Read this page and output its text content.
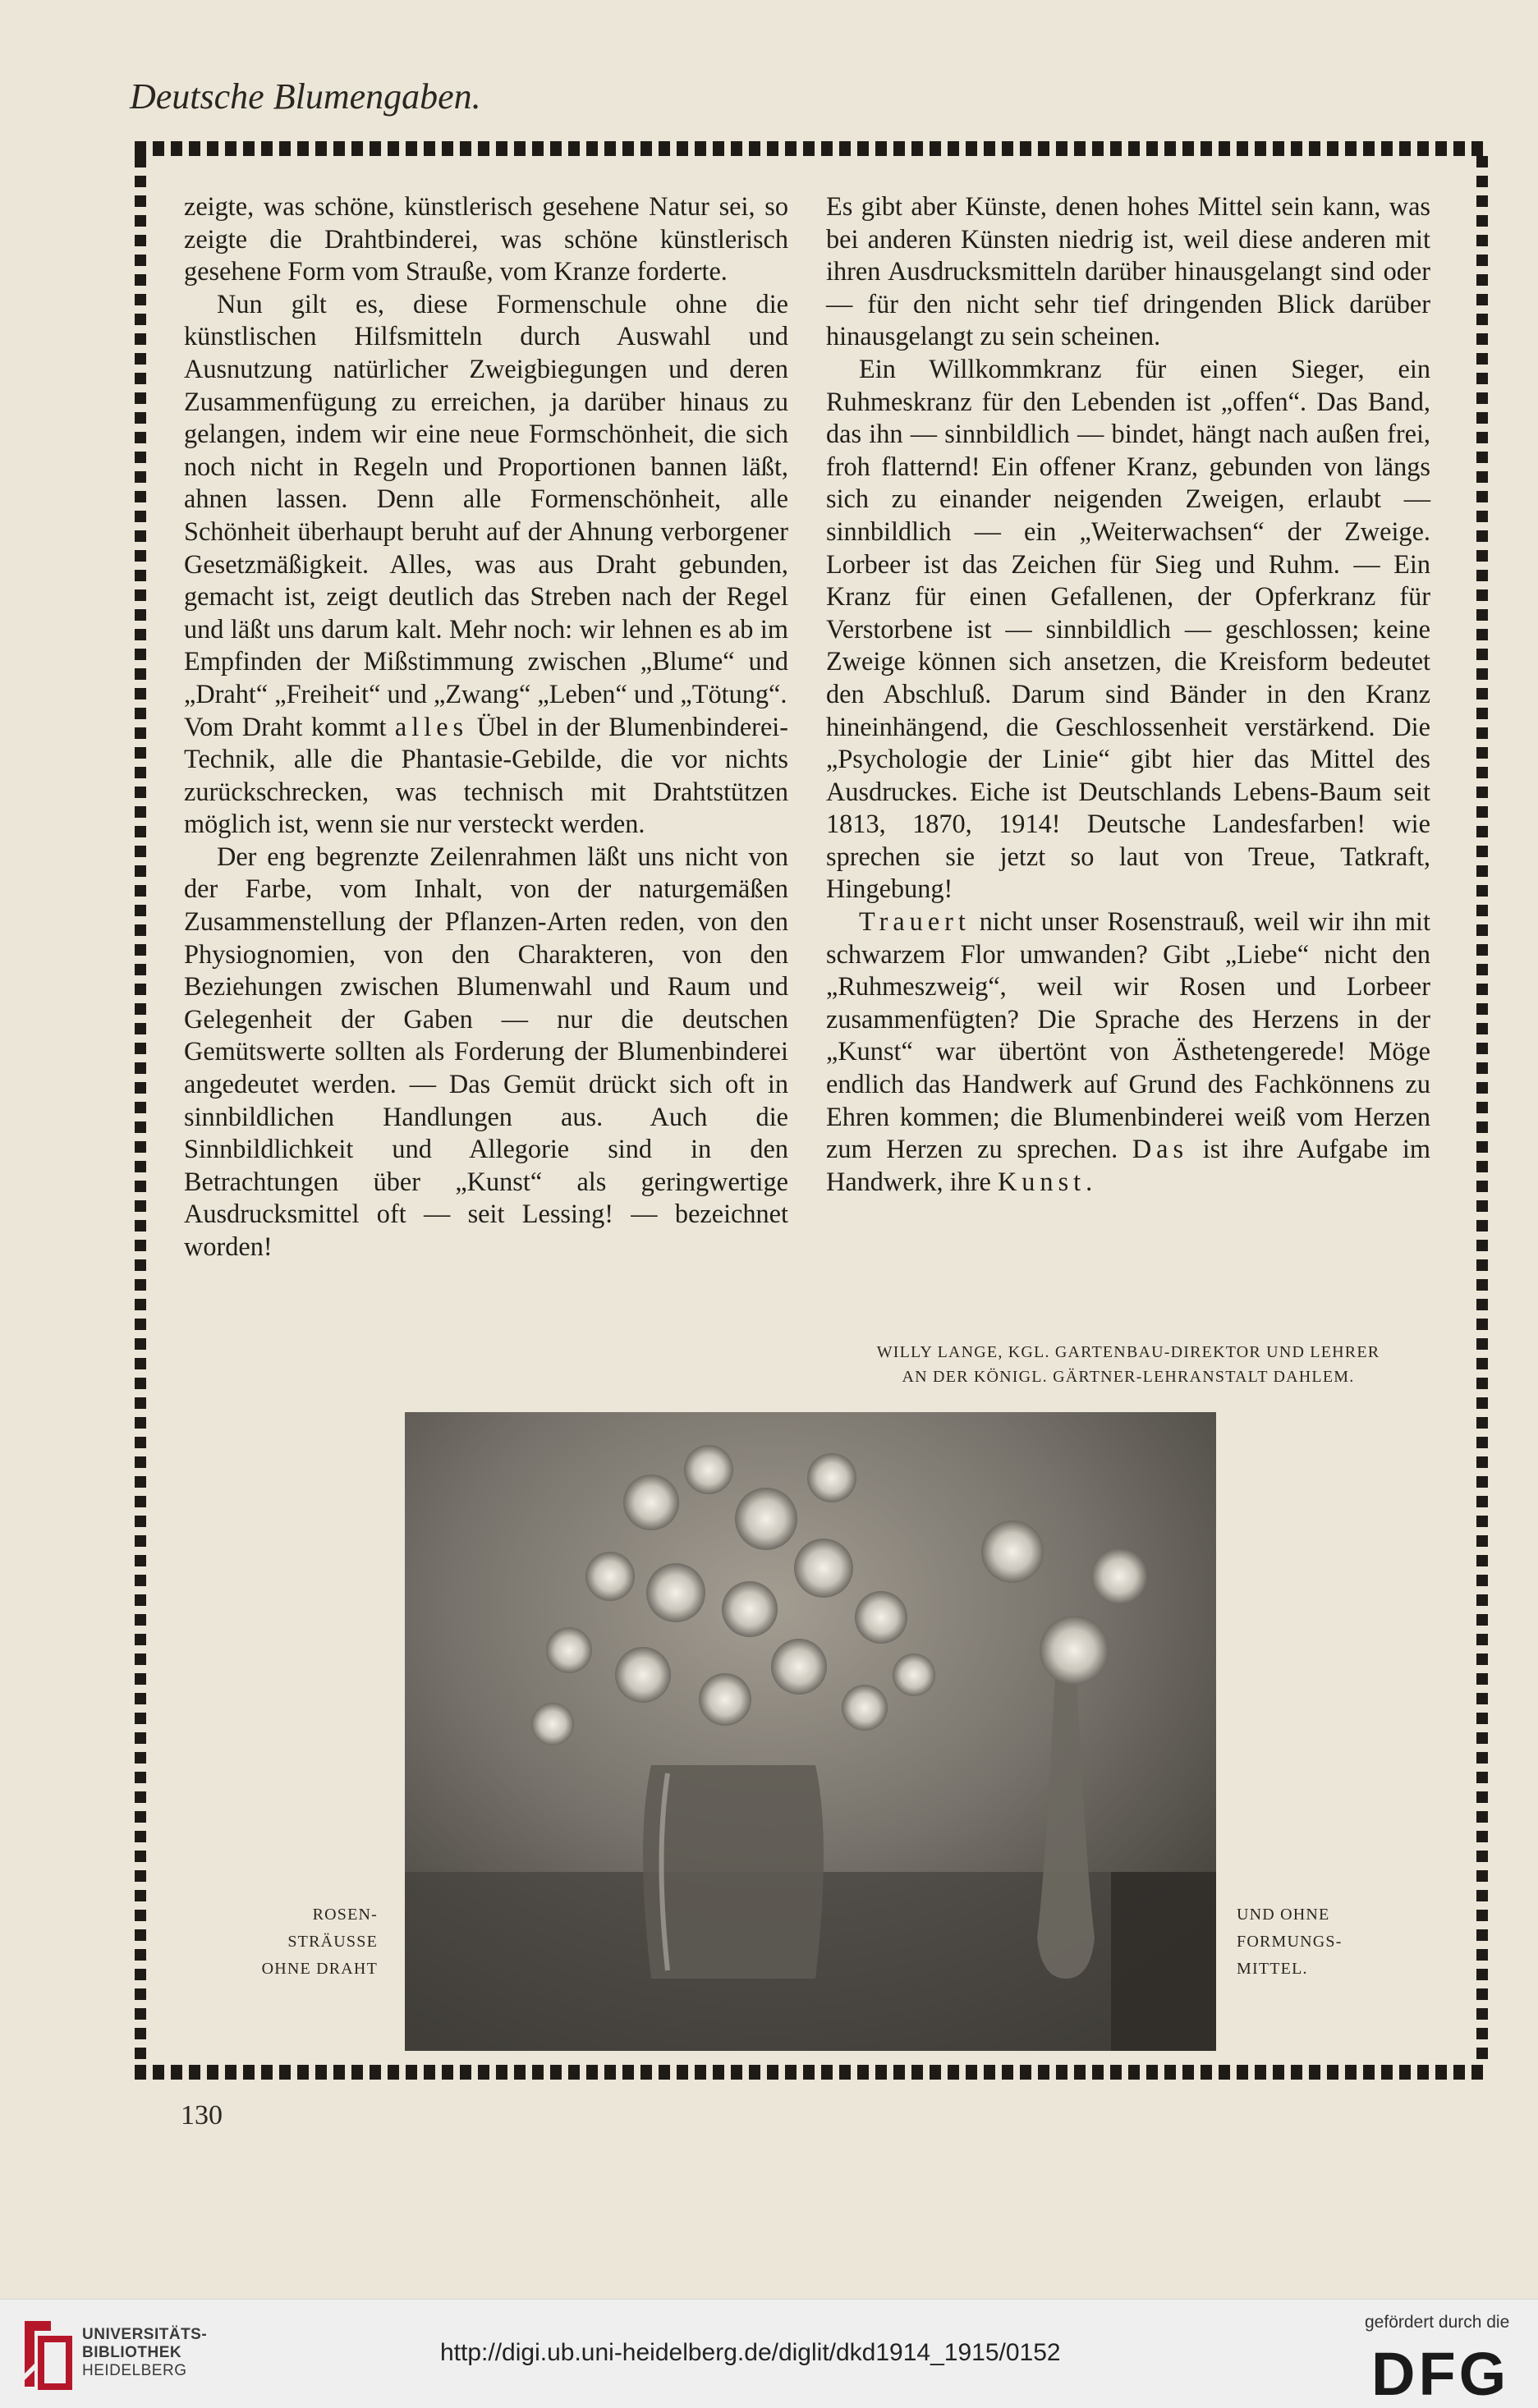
Deutsche Blumengaben.

zeigte, was schöne, künstlerisch gesehene Natur sei, so zeigte die Drahtbinderei, was schöne künstlerisch gesehene Form vom Strauße, vom Kranze forderte.

Nun gilt es, diese Formenschule ohne die künstlischen Hilfsmitteln durch Auswahl und Ausnutzung natürlicher Zweigbiegungen und deren Zusammenfügung zu erreichen, ja darüber hinaus zu gelangen, indem wir eine neue Formschönheit, die sich noch nicht in Regeln und Proportionen bannen läßt, ahnen lassen. Denn alle Formenschönheit, alle Schönheit überhaupt beruht auf der Ahnung verborgener Gesetzmäßigkeit. Alles, was aus Draht gebunden, gemacht ist, zeigt deutlich das Streben nach der Regel und läßt uns darum kalt. Mehr noch: wir lehnen es ab im Empfinden der Mißstimmung zwischen „Blume“ und „Draht“ „Freiheit“ und „Zwang“ „Leben“ und „Tötung“.

Vom Draht kommt alles Übel in der Blumenbinderei-Technik, alle die Phantasie-Gebilde, die vor nichts zurückschrecken, was technisch mit Drahtstützen möglich ist, wenn sie nur versteckt werden.

Der eng begrenzte Zeilenrahmen läßt uns nicht von der Farbe, vom Inhalt, von der naturgemäßen Zusammenstellung der Pflanzen-Arten reden, von den Physiognomien, von den Charakteren, von den Beziehungen zwischen Blumenwahl und Raum und Gelegenheit der Gaben — nur die deutschen Gemütswerte sollten als Forderung der Blumenbinderei angedeutet werden. — Das Gemüt drückt sich oft in sinnbildlichen Handlungen aus. Auch die Sinnbildlichkeit und Allegorie sind in den Betrachtungen über „Kunst“ als geringwertige Ausdrucksmittel oft — seit Lessing! — bezeichnet worden!

Es gibt aber Künste, denen hohes Mittel sein kann, was bei anderen Künsten niedrig ist, weil diese anderen mit ihren Ausdrucksmitteln darüber hinausgelangt sind oder — für den nicht sehr tief dringenden Blick darüber hinausgelangt zu sein scheinen.

Ein Willkommkranz für einen Sieger, ein Ruhmeskranz für den Lebenden ist „offen“. Das Band, das ihn — sinnbildlich — bindet, hängt nach außen frei, froh flatternd! Ein offener Kranz, gebunden von längs sich zu einander neigenden Zweigen, erlaubt — sinnbildlich — ein „Weiterwachsen“ der Zweige. Lorbeer ist das Zeichen für Sieg und Ruhm. — Ein Kranz für einen Gefallenen, der Opferkranz für Verstorbene ist — sinnbildlich — geschlossen; keine Zweige können sich ansetzen, die Kreisform bedeutet den Abschluß. Darum sind Bänder in den Kranz hineinhängend, die Geschlossenheit verstärkend. Die „Psychologie der Linie“ gibt hier das Mittel des Ausdruckes. Eiche ist Deutschlands Lebens-Baum seit 1813, 1870, 1914! Deutsche Landesfarben! wie sprechen sie jetzt so laut von Treue, Tatkraft, Hingebung!

Trauert nicht unser Rosenstrauß, weil wir ihn mit schwarzem Flor umwanden? Gibt „Liebe“ nicht den „Ruhmeszweig“, weil wir Rosen und Lorbeer zusammenfügten? Die Sprache des Herzens in der „Kunst“ war übertönt von Ästhetengerede! Möge endlich das Handwerk auf Grund des Fachkönnens zu Ehren kommen; die Blumenbinderei weiß vom Herzen zum Herzen zu sprechen. Das ist ihre Aufgabe im Handwerk, ihre Kunst.

WILLY LANGE, KGL. GARTENBAU-DIREKTOR UND LEHRER
AN DER KÖNIGL. GÄRTNER-LEHRANSTALT DAHLEM.
ROSEN-
STRÄUSSE
OHNE DRAHT
UND OHNE
FORMUNGS-
MITTEL.
130
UNIVERSITÄTS-
BIBLIOTHEK
HEIDELBERG
http://digi.ub.uni-heidelberg.de/diglit/dkd1914_1915/0152
gefördert durch die
DFG
